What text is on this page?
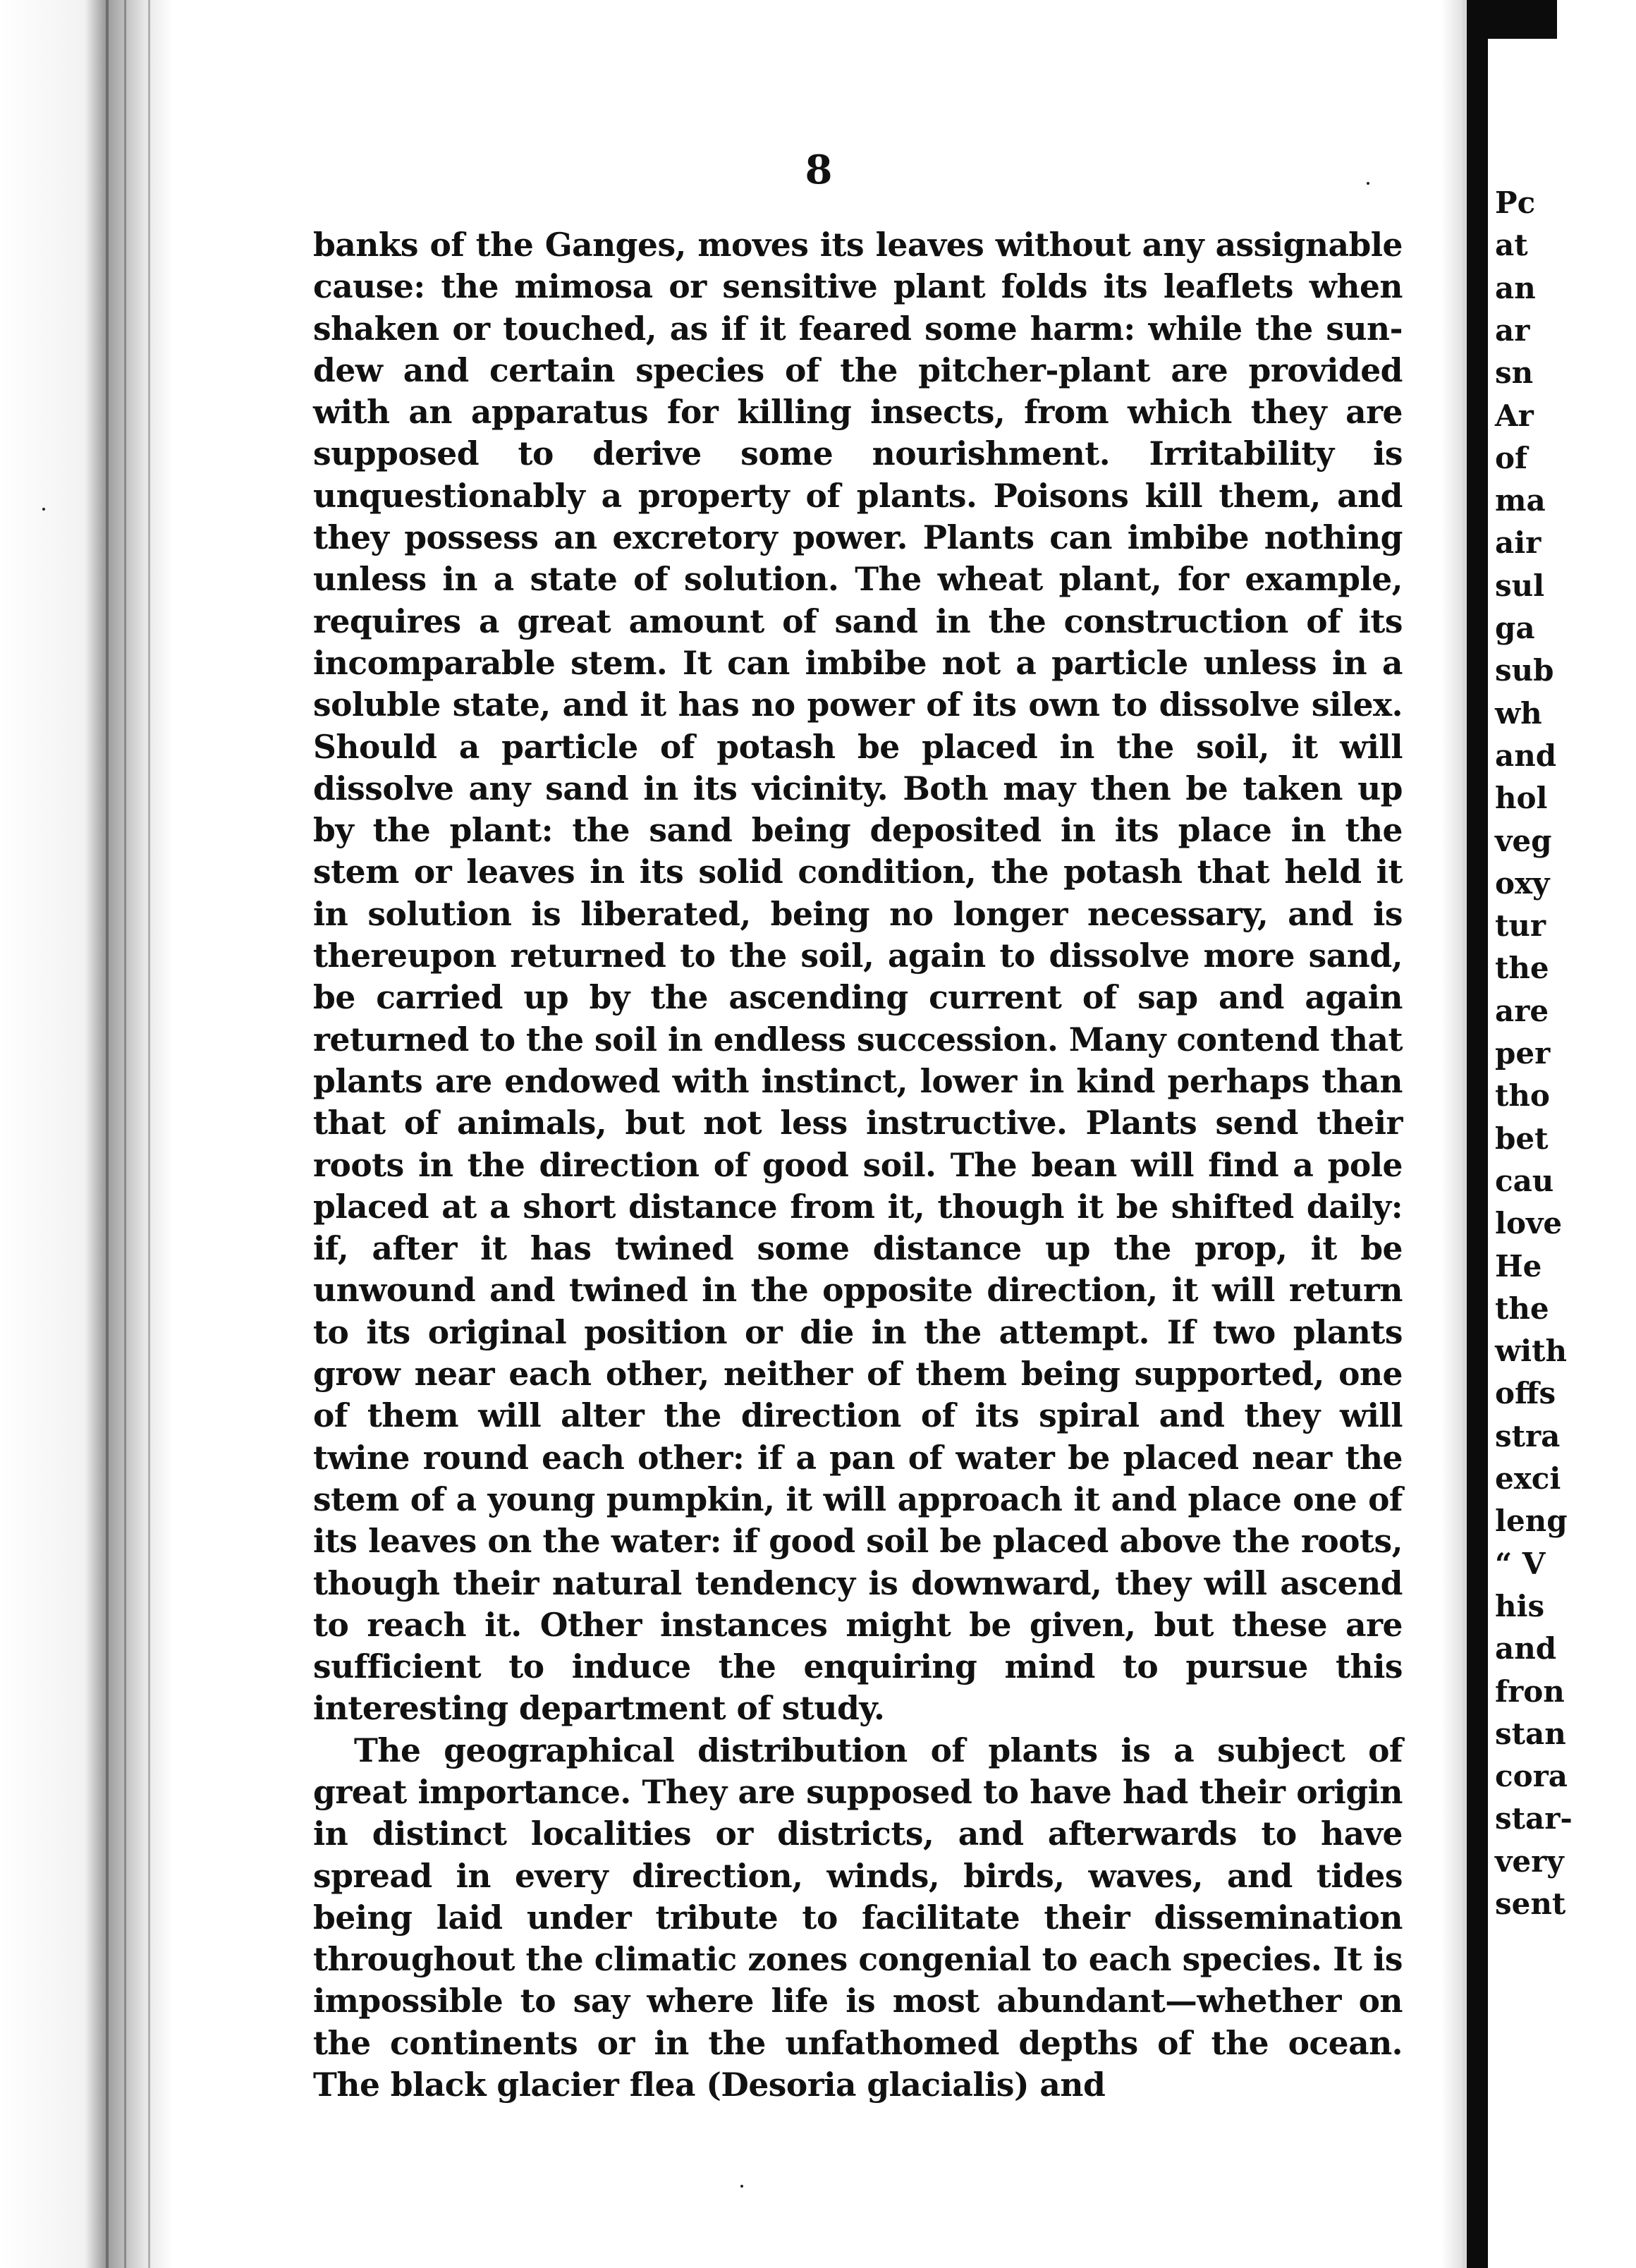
8

banks of the Ganges, moves its leaves without any assignable cause: the mimosa or sensitive plant folds its leaflets when shaken or touched, as if it feared some harm: while the sun-dew and certain species of the pitcher-plant are provided with an apparatus for killing insects, from which they are supposed to derive some nourishment. Irritability is unquestionably a property of plants. Poisons kill them, and they possess an excretory power. Plants can imbibe nothing unless in a state of solution. The wheat plant, for example, requires a great amount of sand in the construction of its incomparable stem. It can imbibe not a particle unless in a soluble state, and it has no power of its own to dissolve silex. Should a particle of potash be placed in the soil, it will dissolve any sand in its vicinity. Both may then be taken up by the plant: the sand being deposited in its place in the stem or leaves in its solid condition, the potash that held it in solution is liberated, being no longer necessary, and is thereupon returned to the soil, again to dissolve more sand, be carried up by the ascending current of sap and again returned to the soil in endless succession. Many contend that plants are endowed with instinct, lower in kind perhaps than that of animals, but not less instructive. Plants send their roots in the direction of good soil. The bean will find a pole placed at a short distance from it, though it be shifted daily: if, after it has twined some distance up the prop, it be unwound and twined in the opposite direction, it will return to its original position or die in the attempt. If two plants grow near each other, neither of them being supported, one of them will alter the direction of its spiral and they will twine round each other: if a pan of water be placed near the stem of a young pumpkin, it will approach it and place one of its leaves on the water: if good soil be placed above the roots, though their natural tendency is downward, they will ascend to reach it. Other instances might be given, but these are sufficient to induce the enquiring mind to pursue this interesting department of study.

The geographical distribution of plants is a subject of great importance. They are supposed to have had their origin in distinct localities or districts, and afterwards to have spread in every direction, winds, birds, waves, and tides being laid under tribute to facilitate their dissemination throughout the climatic zones congenial to each species. It is impossible to say where life is most abundant—whether on the continents or in the unfathomed depths of the ocean. The black glacier flea (Desoria glacialis) and

Pc
at
an
ar
sn
Ar
of
ma
air
sul
ga
sub
wh
and
hol
veg
oxy
tur
the
are
per
tho
bet
cau
love
He
the
with
offs
stra
exci
leng
“ V
his
and
fron
stan
cora
star-
very
sent
